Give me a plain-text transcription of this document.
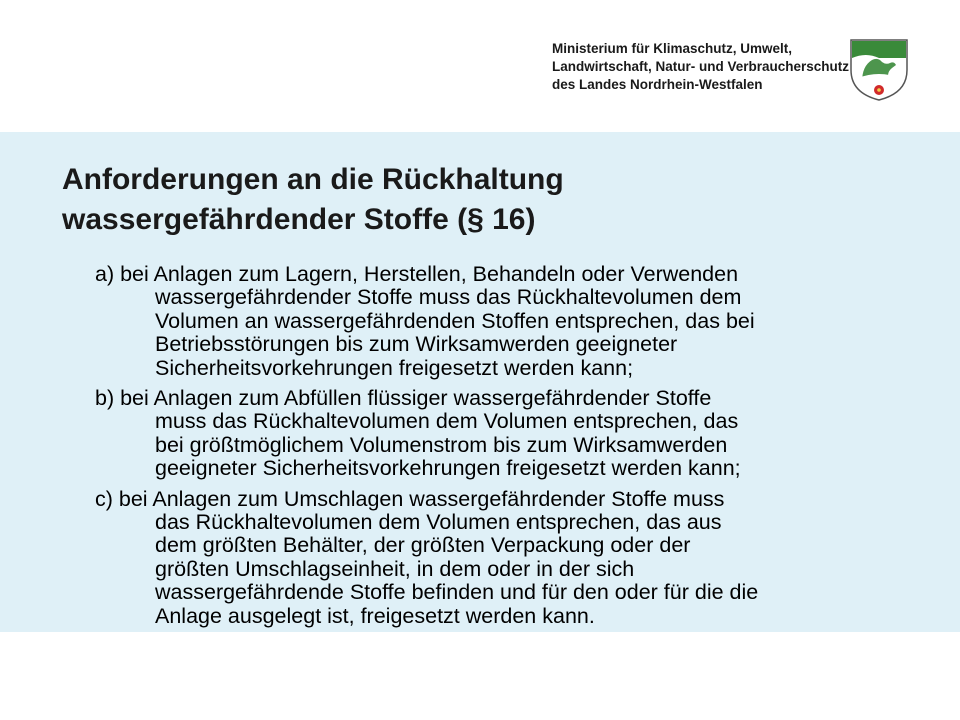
Ministerium für Klimaschutz, Umwelt,
Landwirtschaft, Natur- und Verbraucherschutz
des Landes Nordrhein-Westfalen
Anforderungen an die Rückhaltung
wassergefährdender Stoffe (§ 16)
a) bei Anlagen zum Lagern, Herstellen, Behandeln oder Verwenden
wassergefährdender Stoffe muss das Rückhaltevolumen dem
Volumen an wassergefährdenden Stoffen entsprechen, das bei
Betriebsstörungen bis zum Wirksamwerden geeigneter
Sicherheitsvorkehrungen freigesetzt werden kann;
b) bei Anlagen zum Abfüllen flüssiger wassergefährdender Stoffe
muss das Rückhaltevolumen dem Volumen entsprechen, das
bei größtmöglichem Volumenstrom bis zum Wirksamwerden
geeigneter Sicherheitsvorkehrungen freigesetzt werden kann;
c) bei Anlagen zum Umschlagen wassergefährdender Stoffe muss
das Rückhaltevolumen dem Volumen entsprechen, das aus
dem größten Behälter, der größten Verpackung oder der
größten Umschlagseinheit, in dem oder in der sich
wassergefährdende Stoffe befinden und für den oder für die die
Anlage ausgelegt ist, freigesetzt werden kann.
